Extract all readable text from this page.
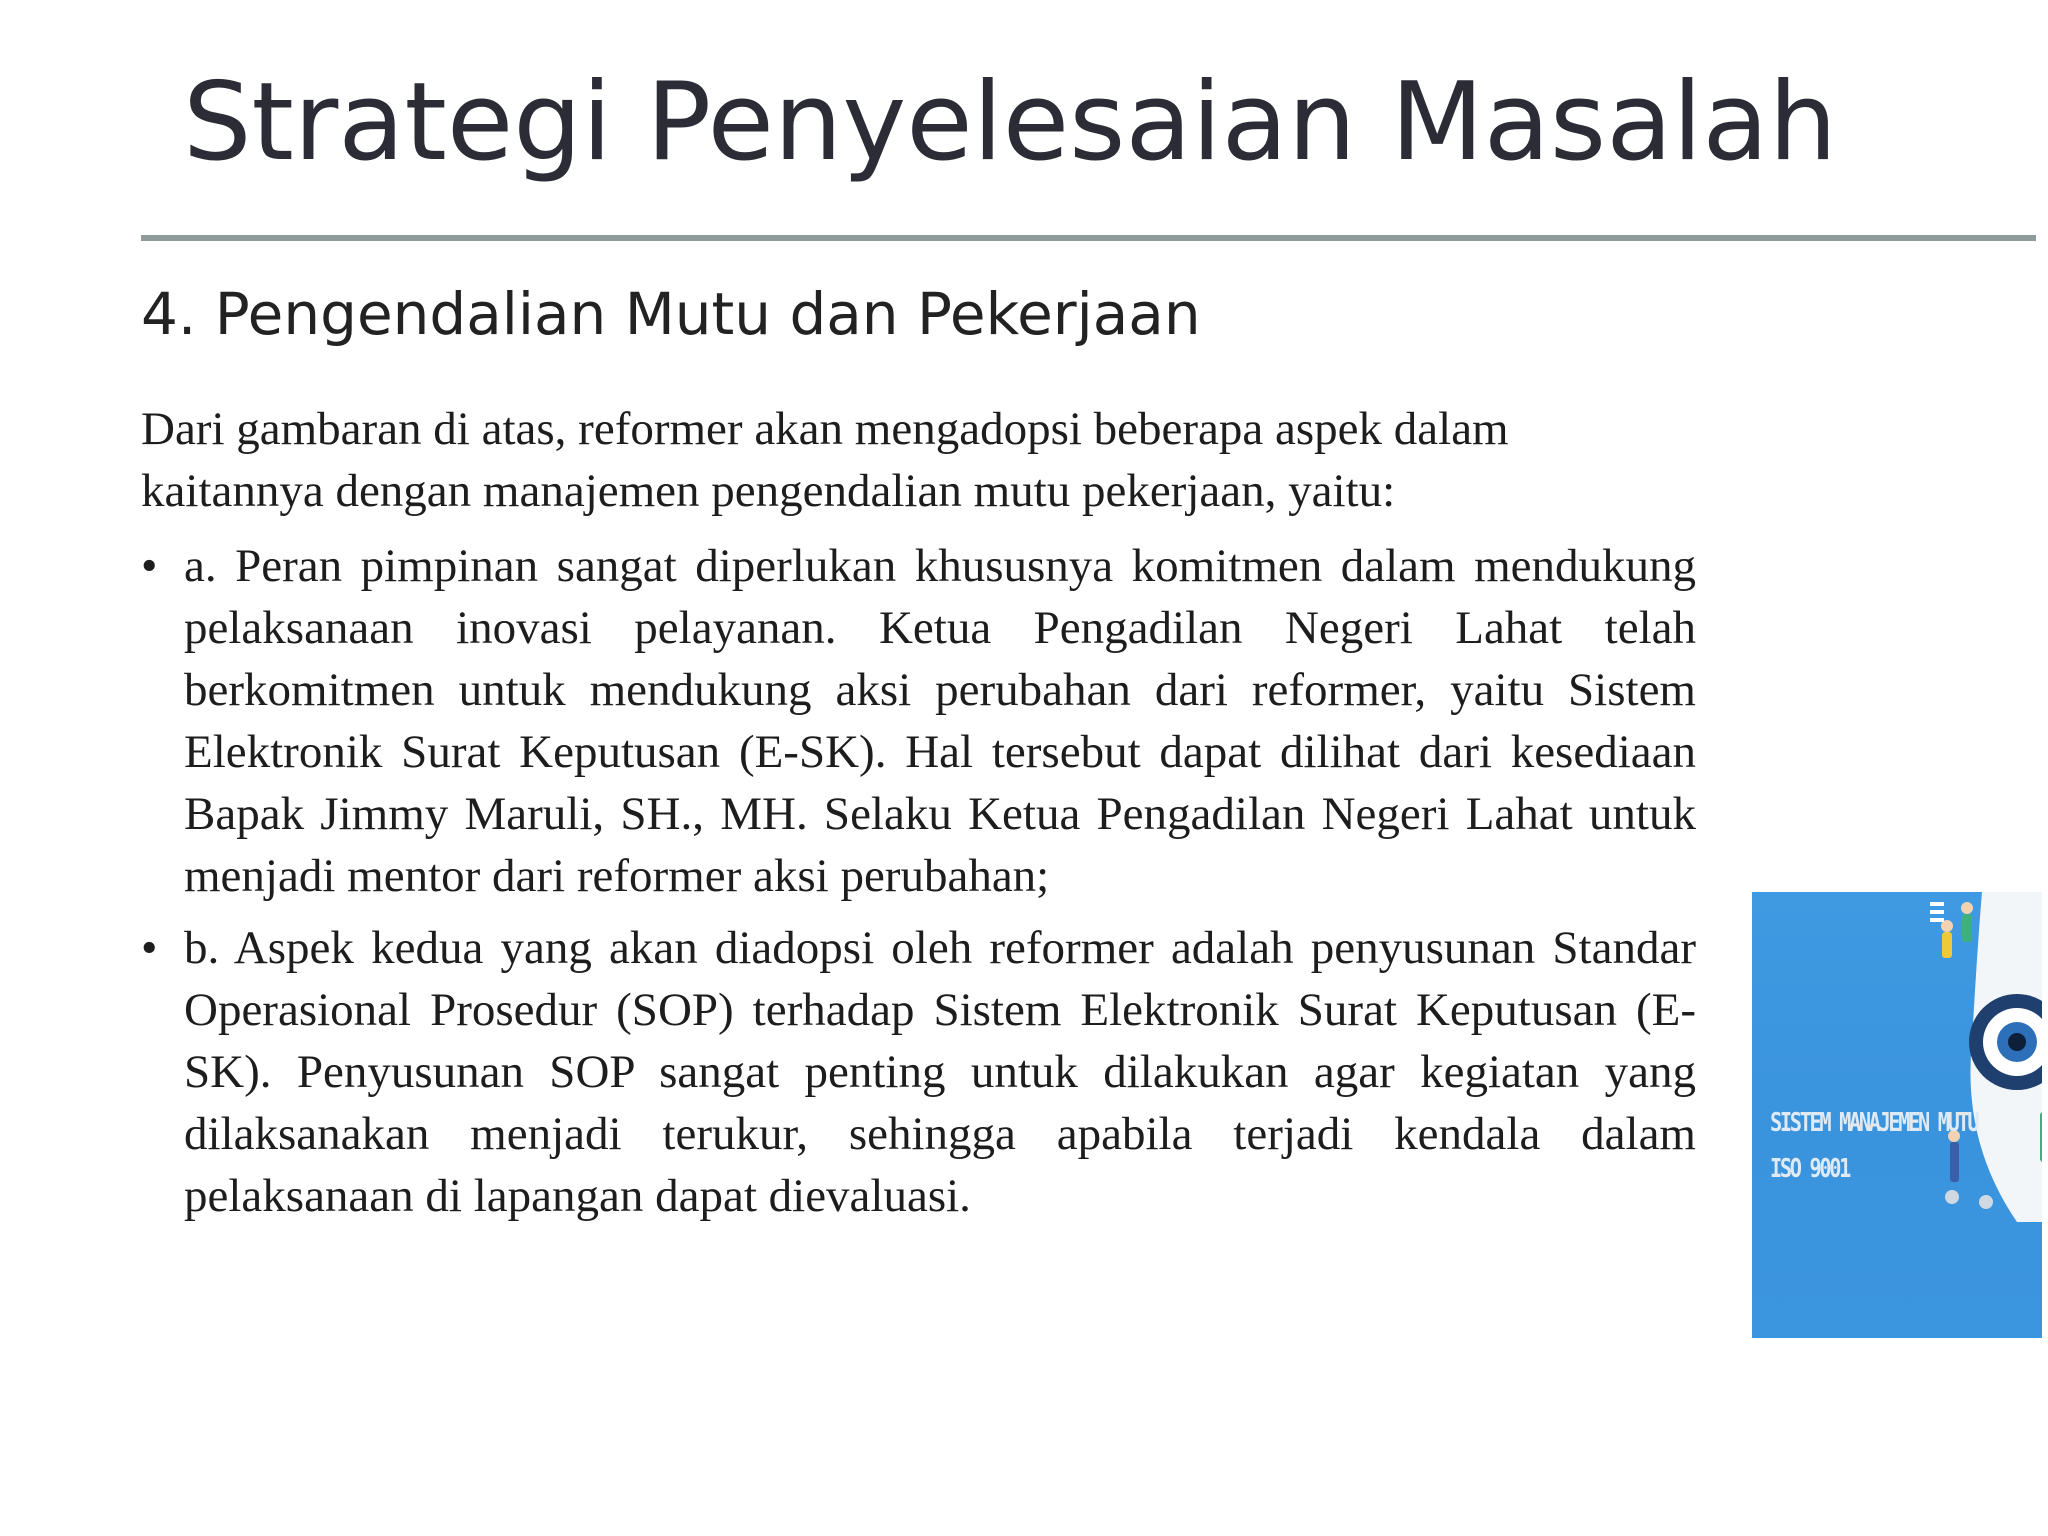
Strategi Penyelesaian Masalah
4. Pengendalian Mutu dan Pekerjaan
Dari gambaran di atas, reformer akan mengadopsi beberapa aspek dalam kaitannya dengan manajemen pengendalian mutu pekerjaan, yaitu:
• a. Peran pimpinan sangat diperlukan khususnya komitmen dalam mendukung pelaksanaan inovasi pelayanan. Ketua Pengadilan Negeri Lahat telah berkomitmen untuk mendukung aksi perubahan dari reformer, yaitu Sistem Elektronik Surat Keputusan (E-SK). Hal tersebut dapat dilihat dari kesediaan Bapak Jimmy Maruli, SH., MH. Selaku Ketua Pengadilan Negeri Lahat untuk menjadi mentor dari reformer aksi perubahan;
• b. Aspek kedua yang akan diadopsi oleh reformer adalah penyusunan Standar Operasional Prosedur (SOP) terhadap Sistem Elektronik Surat Keputusan (E-SK). Penyusunan SOP sangat penting untuk dilakukan agar kegiatan yang dilaksanakan menjadi terukur, sehingga apabila terjadi kendala dalam pelaksanaan di lapangan dapat dievaluasi.
SISTEM MANAJEMEN MUTU
ISO 9001
